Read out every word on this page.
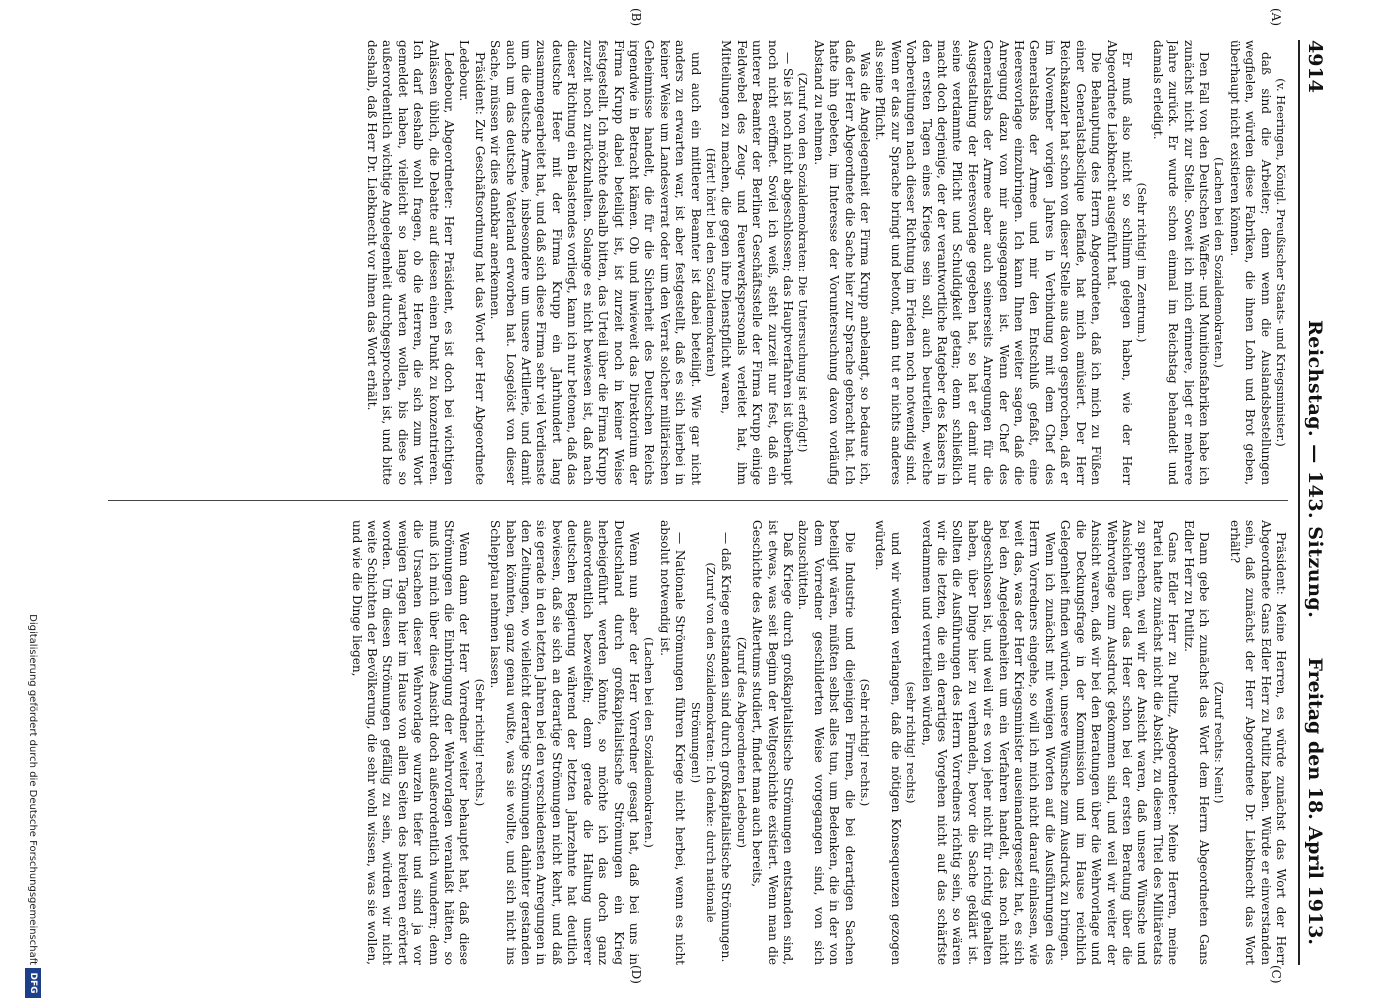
4914
Reichstag. — 143. Sitzung.
Freitag den 18. April 1913.
(A)
(B)
(C)
(D)

(v. Heeringen, Königl. Preußischer Staats- und Kriegsminister.)

daß sind die Arbeiter; denn wenn die Auslandsbestellungen wegfielen, würden diese Fabriken, die ihnen Lohn und Brot geben, überhaupt nicht existieren können.

(Lachen bei den Sozialdemokraten.)

Den Fall von den Deutschen Waffen- und Munitionsfabriken habe ich zunächst nicht zur Stelle. Soweit ich mich erinnere, liegt er mehrere Jahre zurück. Er wurde schon einmal im Reichstag behandelt und damals erledigt.

(Sehr richtig! im Zentrum.)

Er muß also nicht so schlimm gelegen haben, wie der Herr Abgeordnete Liebknecht ausgeführt hat.

Die Behauptung des Herrn Abgeordneten, daß ich mich zu Füßen einer Generalstabsclique befände, hat mich amüsiert. Der Herr Reichskanzler hat schon von dieser Stelle aus davon gesprochen, daß er im November vorigen Jahres in Verbindung mit dem Chef des Generalstabs der Armee und mir den Entschluß gefaßt, eine Heeresvorlage einzubringen. Ich kann Ihnen weiter sagen, daß die Anregung dazu von mir ausgegangen ist. Wenn der Chef des Generalstabs der Armee aber auch seinerseits Anregungen für die Ausgestaltung der Heeresvorlage gegeben hat, so hat er damit nur seine verdammte Pflicht und Schuldigkeit getan; denn schließlich macht doch derjenige, der der verantwortliche Ratgeber des Kaisers in den ersten Tagen eines Krieges sein soll, auch beurteilen, welche Vorbereitungen nach dieser Richtung im Frieden noch notwendig sind. Wenn er das zur Sprache bringt und betont, dann tut er nichts anderes als seine Pflicht.

Was die Angelegenheit der Firma Krupp anbelangt, so bedaure ich, daß der Herr Abgeordnete die Sache hier zur Sprache gebracht hat. Ich hatte ihn gebeten, im Interesse der Voruntersuchung davon vorläufig Abstand zu nehmen.

(Zuruf von den Sozialdemokraten: Die Untersuchung ist erfolgt!)

— Sie ist noch nicht abgeschlossen; das Hauptverfahren ist überhaupt noch nicht eröffnet. Soviel ich weiß, steht zurzeit nur fest, daß ein unterer Beamter der Berliner Geschäftsstelle der Firma Krupp einige Feldwebel des Zeug- und Feuerwerkspersonals verleitet hat, ihm Mitteilungen zu machen, die gegen ihre Dienstpflicht waren,

(Hört! hört! bei den Sozialdemokraten)

und auch ein mittlerer Beamter ist dabei beteiligt. Wie gar nicht anders zu erwarten war, ist aber festgestellt, daß es sich hierbei in keiner Weise um Landesverrat oder um den Verrat solcher militärischen Geheimnisse handelt, die für die Sicherheit des Deutschen Reichs irgendwie in Betracht kämen. Ob und inwieweit das Direktorium der Firma Krupp dabei beteiligt ist, ist zurzeit noch in keiner Weise festgestellt. Ich möchte deshalb bitten, das Urteil über die Firma Krupp zurzeit noch zurückzuhalten. Solange es nicht bewiesen ist, daß nach dieser Richtung ein Belastendes vorliegt, kann ich nur betonen, daß das deutsche Heer mit der Firma Krupp ein Jahrhundert lang zusammengearbeitet hat, und daß sich diese Firma sehr viel Verdienste um die deutsche Armee, insbesondere um unsere Artillerie, und damit auch um das deutsche Vaterland erworben hat. Losgelöst von dieser Sache, müssen wir dies dankbar anerkennen.

Präsident: Zur Geschäftsordnung hat das Wort der Herr Abgeordnete Ledebour.

Ledebour, Abgeordneter: Herr Präsident, es ist doch bei wichtigen Anlässen üblich, die Debatte auf diesen einen Punkt zu konzentrieren. Ich darf deshalb wohl fragen, ob die Herren, die sich zum Wort gemeldet haben, vielleicht so lange warten wollen, bis diese so außerordentlich wichtige Angelegenheit durchgesprochen ist, und bitte deshalb, daß Herr Dr. Liebknecht vor ihnen das Wort erhält.

Präsident: Meine Herren, es würde zunächst das Wort der Herr Abgeordnete Gans Edler Herr zu Putlitz haben. Würde er einverstanden sein, daß zunächst der Herr Abgeordnete Dr. Liebknecht das Wort erhält?

(Zuruf rechts: Nein!)

Dann gebe ich zunächst das Wort dem Herrn Abgeordneten Gans Edler Herr zu Putlitz.

Gans Edler Herr zu Putlitz, Abgeordneter: Meine Herren, meine Partei hatte zunächst nicht die Absicht, zu diesem Titel des Militäretats zu sprechen, weil wir der Ansicht waren, daß unsere Wünsche und Ansichten über das Heer schon bei der ersten Beratung über die Wehrvorlage zum Ausdruck gekommen sind, und weil wir weiter der Ansicht waren, daß wir bei den Beratungen über die Wehrvorlage und die Deckungsfrage in der Kommission und im Hause reichlich Gelegenheit finden würden, unsere Wünsche zum Ausdruck zu bringen.

Wenn ich zunächst mit wenigen Worten auf die Ausführungen des Herrn Vorredners eingehe, so will ich mich nicht darauf einlassen, wie weit das, was der Herr Kriegsminister auseinandergesetzt hat, es sich bei den Angelegenheiten um ein Verfahren handelt, das noch nicht abgeschlossen ist, und weil wir es von jeher nicht für richtig gehalten haben, über Dinge hier zu verhandeln, bevor die Sache geklärt ist. Sollten die Ausführungen des Herrn Vorredners richtig sein, so wären wir die letzten, die ein derartiges Vorgehen nicht auf das schärfste verdammen und verurteilen würden,

(sehr richtig! rechts)

und wir würden verlangen, daß die nötigen Konsequenzen gezogen würden.

(Sehr richtig! rechts.)

Die Industrie und diejenigen Firmen, die bei derartigen Sachen beteiligt wären, müßten selbst alles tun, um Bedenken, die in der von dem Vorredner geschilderten Weise vorgegangen sind, von sich abzuschütteln.

Daß Kriege durch großkapitalistische Strömungen entstanden sind, ist etwas, was seit Beginn der Weltgeschichte existiert. Wenn man die Geschichte des Altertums studiert, findet man auch bereits,

(Zuruf des Abgeordneten Ledebour)

— daß Kriege entstanden sind durch großkapitalistische Strömungen.

(Zuruf von den Sozialdemokraten: Ich denke: durch nationale Strömungen!)

— Nationale Strömungen führen Kriege nicht herbei, wenn es nicht absolut notwendig ist.

(Lachen bei den Sozialdemokraten.)

Wenn nun aber der Herr Vorredner gesagt hat, daß bei uns in Deutschland durch großkapitalistische Strömungen ein Krieg herbeigeführt werden könnte, so möchte ich das doch ganz außerordentlich bezweifeln; denn gerade die Haltung unserer deutschen Regierung während der letzten Jahrzehnte hat deutlich bewiesen, daß sie sich an derartige Strömungen nicht kehrt, und daß sie gerade in den letzten Jahren bei den verschiedensten Anregungen in den Zeitungen, wo vielleicht derartige Strömungen dahinter gestanden haben könnten, ganz genau wußte, was sie wollte, und sich nicht ins Schlepptau nehmen lassen.

(Sehr richtig! rechts.)

Wenn dann der Herr Vorredner weiter behauptet hat, daß diese Strömungen die Einbringung der Wehrvorlagen veranlaßt hätten, so muß ich mich über diese Ansicht doch außerordentlich wundern; denn die Ursachen dieser Wehrvorlage wurzeln tiefer und sind ja vor wenigen Tagen hier im Hause von allen Seiten des breiteren erörtert worden. Um diesen Strömungen gefällig zu sein, würden wir nicht weite Schichten der Bevölkerung, die sehr wohl wissen, was sie wollen, und wie die Dinge liegen,

Digitalisierung gefördert durch die Deutsche Forschungsgemeinschaft
DFG
